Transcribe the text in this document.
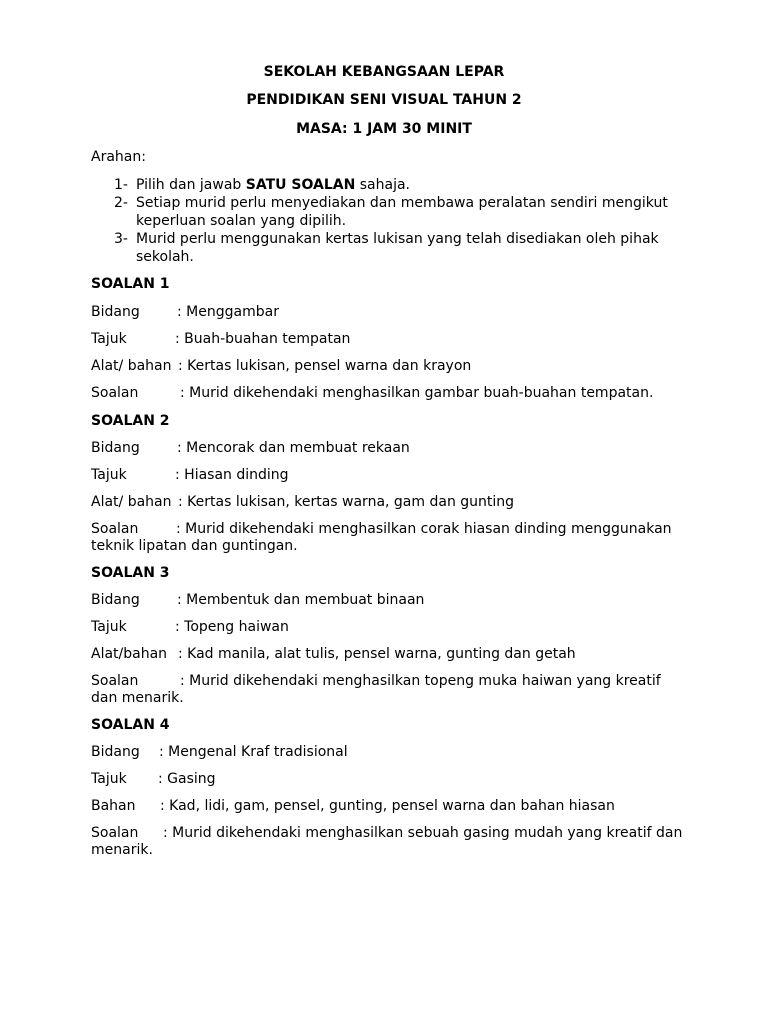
SEKOLAH KEBANGSAAN LEPAR
PENDIDIKAN SENI VISUAL TAHUN 2
MASA: 1 JAM 30 MINIT
Arahan:
1- Pilih dan jawab SATU SOALAN sahaja.
2- Setiap murid perlu menyediakan dan membawa peralatan sendiri mengikut keperluan soalan yang dipilih.
3- Murid perlu menggunakan kertas lukisan yang telah disediakan oleh pihak sekolah.
SOALAN 1
Bidang	: Menggambar
Tajuk	: Buah-buahan tempatan
Alat/ bahan : Kertas lukisan, pensel warna dan krayon
Soalan	: Murid dikehendaki menghasilkan gambar buah-buahan tempatan.
SOALAN 2
Bidang	: Mencorak dan membuat rekaan
Tajuk	: Hiasan dinding
Alat/ bahan : Kertas lukisan, kertas warna, gam dan gunting
Soalan	: Murid dikehendaki menghasilkan corak hiasan dinding menggunakan
teknik lipatan dan guntingan.
SOALAN 3
Bidang	: Membentuk dan membuat binaan
Tajuk	: Topeng haiwan
Alat/bahan : Kad manila, alat tulis, pensel warna, gunting dan getah
Soalan	: Murid dikehendaki menghasilkan topeng muka haiwan yang kreatif
dan menarik.
SOALAN 4
Bidang : Mengenal Kraf tradisional
Tajuk : Gasing
Bahan : Kad, lidi, gam, pensel, gunting, pensel warna dan bahan hiasan
Soalan : Murid dikehendaki menghasilkan sebuah gasing mudah yang kreatif dan
menarik.
